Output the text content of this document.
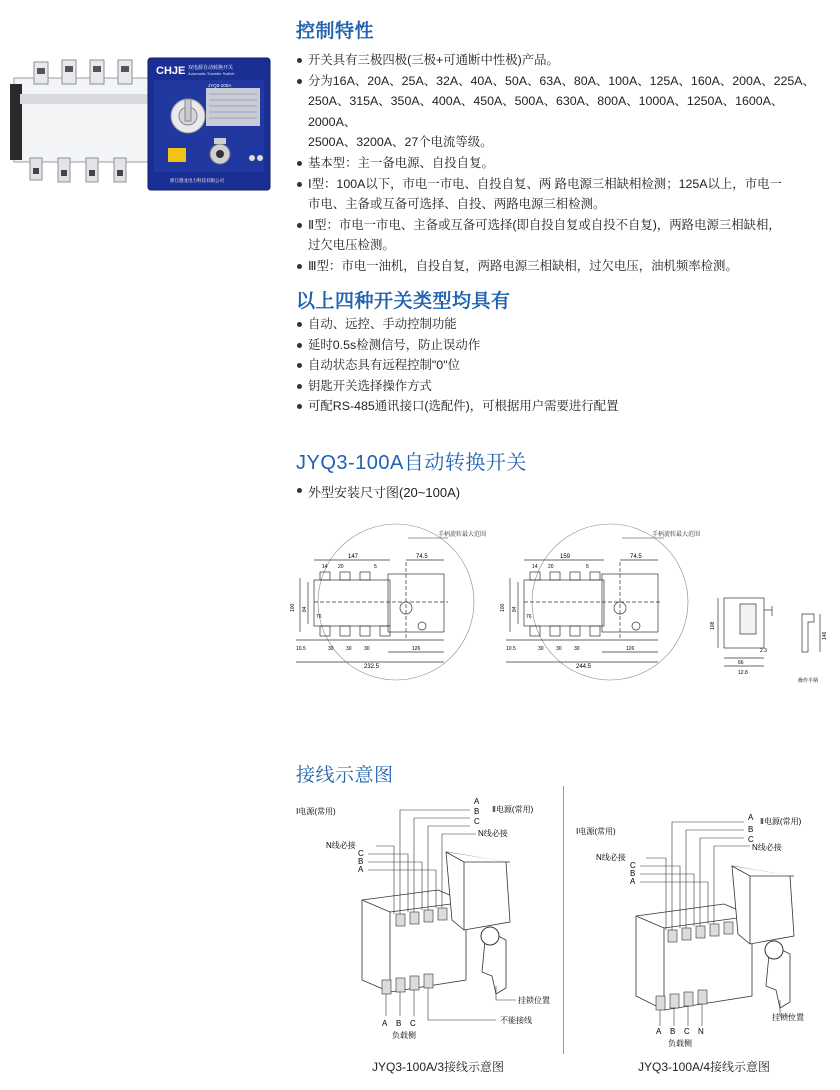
CHJE 双电源自动转换开关
Automatic Transfer Switch
JYQ3-100A
浙江德龙电力科技有限公司
控制特性
开关具有三极四极(三极+可通断中性极)产品。
分为16A、20A、25A、32A、40A、50A、63A、80A、100A、125A、160A、200A、225A、
250A、315A、350A、400A、450A、500A、630A、800A、1000A、1250A、1600A、2000A、
2500A、3200A、27个电流等级。
基本型：主一备电源、自投自复。
Ⅰ型：100A以下，市电一市电、自投自复、两 路电源三相缺相检测；125A以上，市电一
市电、主备或互备可选择、自投、两路电源三相检测。
Ⅱ型：市电一市电、主备或互备可选择(即自投自复或自投不自复)，两路电源三相缺相，
过欠电压检测。
Ⅲ型：市电一油机，自投自复，两路电源三相缺相，过欠电压，油机频率检测。
以上四种开关类型均具有
自动、远控、手动控制功能
延时0.5s检测信号，防止误动作
自动状态具有远程控制"0"位
钥匙开关选择操作方式
可配RS-485通讯接口(选配件)，可根据用户需要进行配置
JYQ3-100A自动转换开关
外型安装尺寸图(20~100A)
手柄旋转最大范围
147	74.5
14 20	5
100 84
76
10.5	30 30 30	126
232.5
手柄旋转最大范围
159	74.5
14 20	5
100 84
76
10.5	30 30 30	126
244.5
108
66
2.3
12.8
146
操作手柄
接线示意图
Ⅰ电源(常用)	Ⅱ电源(常用)
A
B
C
N线必接
N线必接
C
B
A
挂锁位置
不能接线
A B C
负载侧
JYQ3-100A/3接线示意图
Ⅰ电源(常用)
Ⅱ电源(常用)
A
B
C
N线必接
N线必接
C
B
A
挂锁位置
A B C N
负载侧
JYQ3-100A/4接线示意图
